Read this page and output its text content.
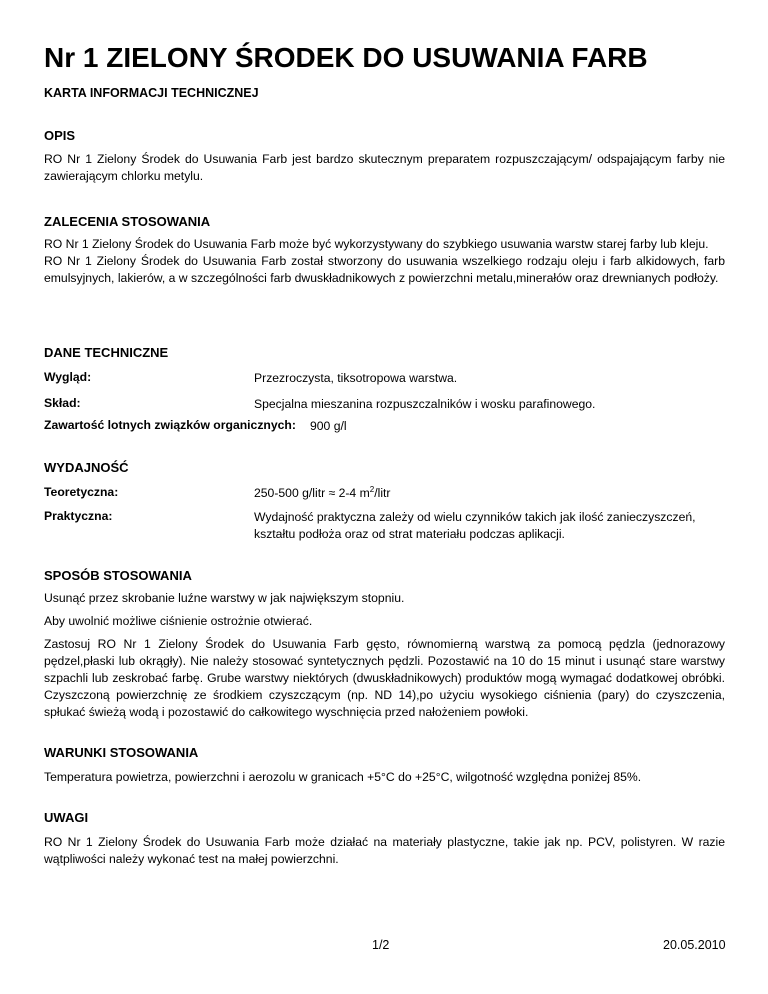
Nr 1 ZIELONY ŚRODEK DO USUWANIA FARB
KARTA INFORMACJI TECHNICZNEJ

OPIS

RO Nr 1 Zielony Środek do Usuwania Farb jest bardzo skutecznym preparatem rozpuszczającym/ odspajającym farby nie zawierającym chlorku metylu.

ZALECENIA STOSOWANIA

RO Nr 1 Zielony Środek do Usuwania Farb może być wykorzystywany do szybkiego usuwania warstw starej farby lub kleju.

RO Nr 1 Zielony Środek do Usuwania Farb został stworzony do usuwania wszelkiego rodzaju oleju i farb alkidowych, farb emulsyjnych, lakierów, a w szczególności farb dwuskładnikowych z powierzchni metalu,minerałów oraz drewnianych podłoży.

DANE TECHNICZNE

Wygląd:	Przezroczysta, tiksotropowa warstwa.
Skład:	Specjalna mieszanina rozpuszczalników i wosku parafinowego.
Zawartość lotnych związków organicznych: 900 g/l

WYDAJNOŚĆ

Teoretyczna:	250-500 g/litr ≈ 2-4 $m^2$/litr
Praktyczna:	Wydajność praktyczna zależy od wielu czynników takich jak ilość zanieczyszczeń, kształtu podłoża oraz od strat materiału podczas aplikacji.

SPOSÓB STOSOWANIA

Usunąć przez skrobanie luźne warstwy w jak największym stopniu.

Aby uwolnić możliwe ciśnienie ostrożnie otwierać.

Zastosuj RO Nr 1 Zielony Środek do Usuwania Farb gęsto, równomierną warstwą za pomocą pędzla (jednorazowy pędzel,płaski lub okrągły). Nie należy stosować syntetycznych pędzli. Pozostawić na 10 do 15 minut i usunąć stare warstwy szpachli lub zeskrobać farbę. Grube warstwy niektórych (dwuskładnikowych) produktów mogą wymagać dodatkowej obróbki. Czyszczoną powierzchnię ze środkiem czyszczącym (np. ND 14),po użyciu wysokiego ciśnienia (pary) do czyszczenia, spłukać świeżą wodą i pozostawić do całkowitego wyschnięcia przed nałożeniem powłoki.

WARUNKI STOSOWANIA

Temperatura powietrza, powierzchni i aerozolu w granicach +5°C do +25°C, wilgotność względna poniżej 85%.

UWAGI

RO Nr 1 Zielony Środek do Usuwania Farb może działać na materiały plastyczne, takie jak np. PCV, polistyren. W razie wątpliwości należy wykonać test na małej powierzchni.

1/2	20.05.2010
